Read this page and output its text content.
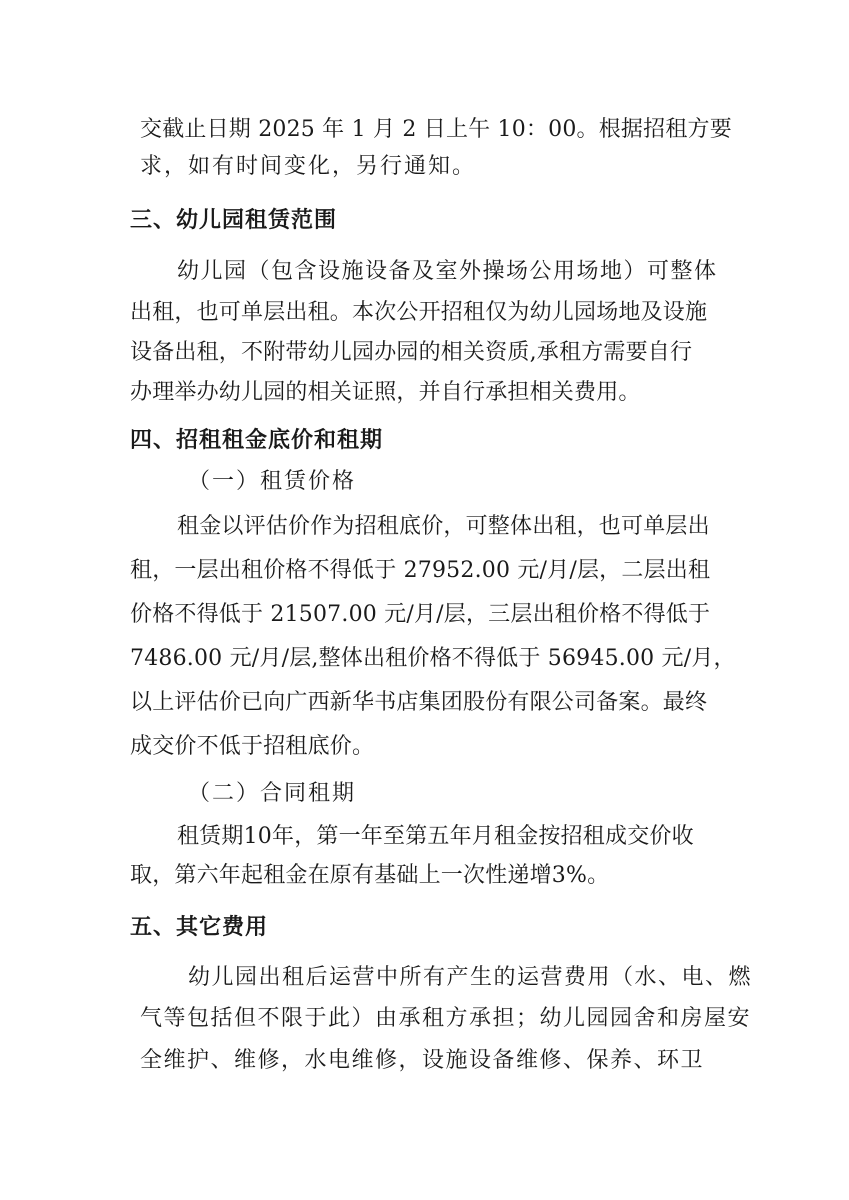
交截止日期 2025 年 1 月 2 日上午 10：00。根据招租方要
求，如有时间变化，另行通知。
三、幼儿园租赁范围
幼儿园（包含设施设备及室外操场公用场地）可整体
出租，也可单层出租。本次公开招租仅为幼儿园场地及设施
设备出租，不附带幼儿园办园的相关资质,承租方需要自行
办理举办幼儿园的相关证照，并自行承担相关费用。
四、招租租金底价和租期
（一）租赁价格
租金以评估价作为招租底价，可整体出租，也可单层出
租，一层出租价格不得低于 27952.00 元/月/层，二层出租
价格不得低于 21507.00 元/月/层，三层出租价格不得低于
7486.00 元/月/层,整体出租价格不得低于 56945.00 元/月，
以上评估价已向广西新华书店集团股份有限公司备案。最终
成交价不低于招租底价。
（二）合同租期
租赁期10年，第一年至第五年月租金按招租成交价收
取，第六年起租金在原有基础上一次性递增3%。
五、其它费用
幼儿园出租后运营中所有产生的运营费用（水、电、燃
气等包括但不限于此）由承租方承担；幼儿园园舍和房屋安
全维护、维修，水电维修，设施设备维修、保养、环卫
